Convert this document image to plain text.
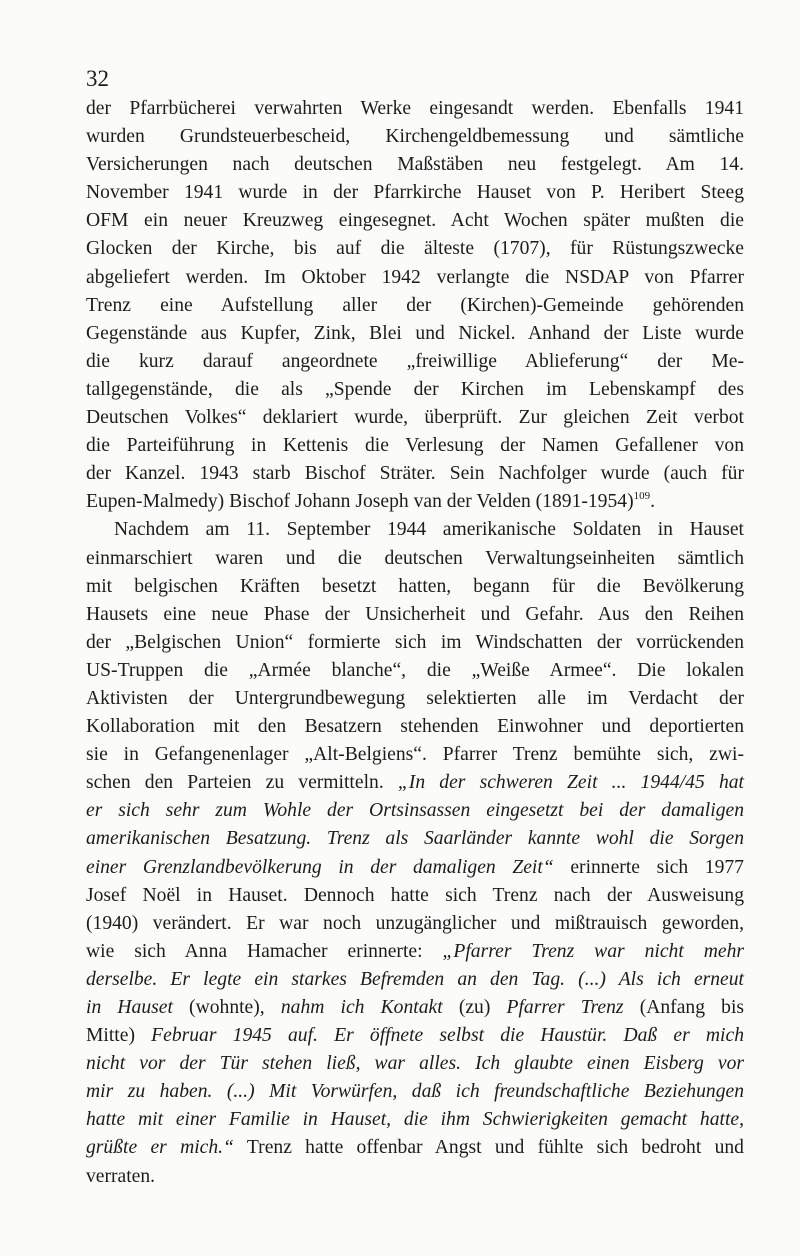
32
der Pfarrbücherei verwahrten Werke eingesandt werden. Ebenfalls 1941
wurden Grundsteuerbescheid, Kirchengeldbemessung und sämtliche
Versicherungen nach deutschen Maßstäben neu festgelegt. Am 14.
November 1941 wurde in der Pfarrkirche Hauset von P. Heribert Steeg
OFM ein neuer Kreuzweg eingesegnet. Acht Wochen später mußten die
Glocken der Kirche, bis auf die älteste (1707), für Rüstungszwecke
abgeliefert werden. Im Oktober 1942 verlangte die NSDAP von Pfarrer
Trenz eine Aufstellung aller der (Kirchen)-Gemeinde gehörenden
Gegenstände aus Kupfer, Zink, Blei und Nickel. Anhand der Liste wurde
die kurz darauf angeordnete „freiwillige Ablieferung“ der Me-
tallgegenstände, die als „Spende der Kirchen im Lebenskampf des
Deutschen Volkes“ deklariert wurde, überprüft. Zur gleichen Zeit verbot
die Parteiführung in Kettenis die Verlesung der Namen Gefallener von
der Kanzel. 1943 starb Bischof Sträter. Sein Nachfolger wurde (auch für
Eupen-Malmedy) Bischof Johann Joseph van der Velden (1891-1954)$^{109}$.
Nachdem am 11. September 1944 amerikanische Soldaten in Hauset
einmarschiert waren und die deutschen Verwaltungseinheiten sämtlich
mit belgischen Kräften besetzt hatten, begann für die Bevölkerung
Hausets eine neue Phase der Unsicherheit und Gefahr. Aus den Reihen
der „Belgischen Union“ formierte sich im Windschatten der vorrückenden
US-Truppen die „Armée blanche“, die „Weiße Armee“. Die lokalen
Aktivisten der Untergrundbewegung selektierten alle im Verdacht der
Kollaboration mit den Besatzern stehenden Einwohner und deportierten
sie in Gefangenenlager „Alt-Belgiens“. Pfarrer Trenz bemühte sich, zwi-
schen den Parteien zu vermitteln. „In der schweren Zeit ... 1944/45 hat
er sich sehr zum Wohle der Ortsinsassen eingesetzt bei der damaligen
amerikanischen Besatzung. Trenz als Saarländer kannte wohl die Sorgen
einer Grenzlandbevölkerung in der damaligen Zeit“ erinnerte sich 1977
Josef Noël in Hauset. Dennoch hatte sich Trenz nach der Ausweisung
(1940) verändert. Er war noch unzugänglicher und mißtrauisch geworden,
wie sich Anna Hamacher erinnerte: „Pfarrer Trenz war nicht mehr
derselbe. Er legte ein starkes Befremden an den Tag. (...) Als ich erneut
in Hauset (wohnte), nahm ich Kontakt (zu) Pfarrer Trenz (Anfang bis
Mitte) Februar 1945 auf. Er öffnete selbst die Haustür. Daß er mich
nicht vor der Tür stehen ließ, war alles. Ich glaubte einen Eisberg vor
mir zu haben. (...) Mit Vorwürfen, daß ich freundschaftliche Beziehungen
hatte mit einer Familie in Hauset, die ihm Schwierigkeiten gemacht hatte,
grüßte er mich.“ Trenz hatte offenbar Angst und fühlte sich bedroht und
verraten.
